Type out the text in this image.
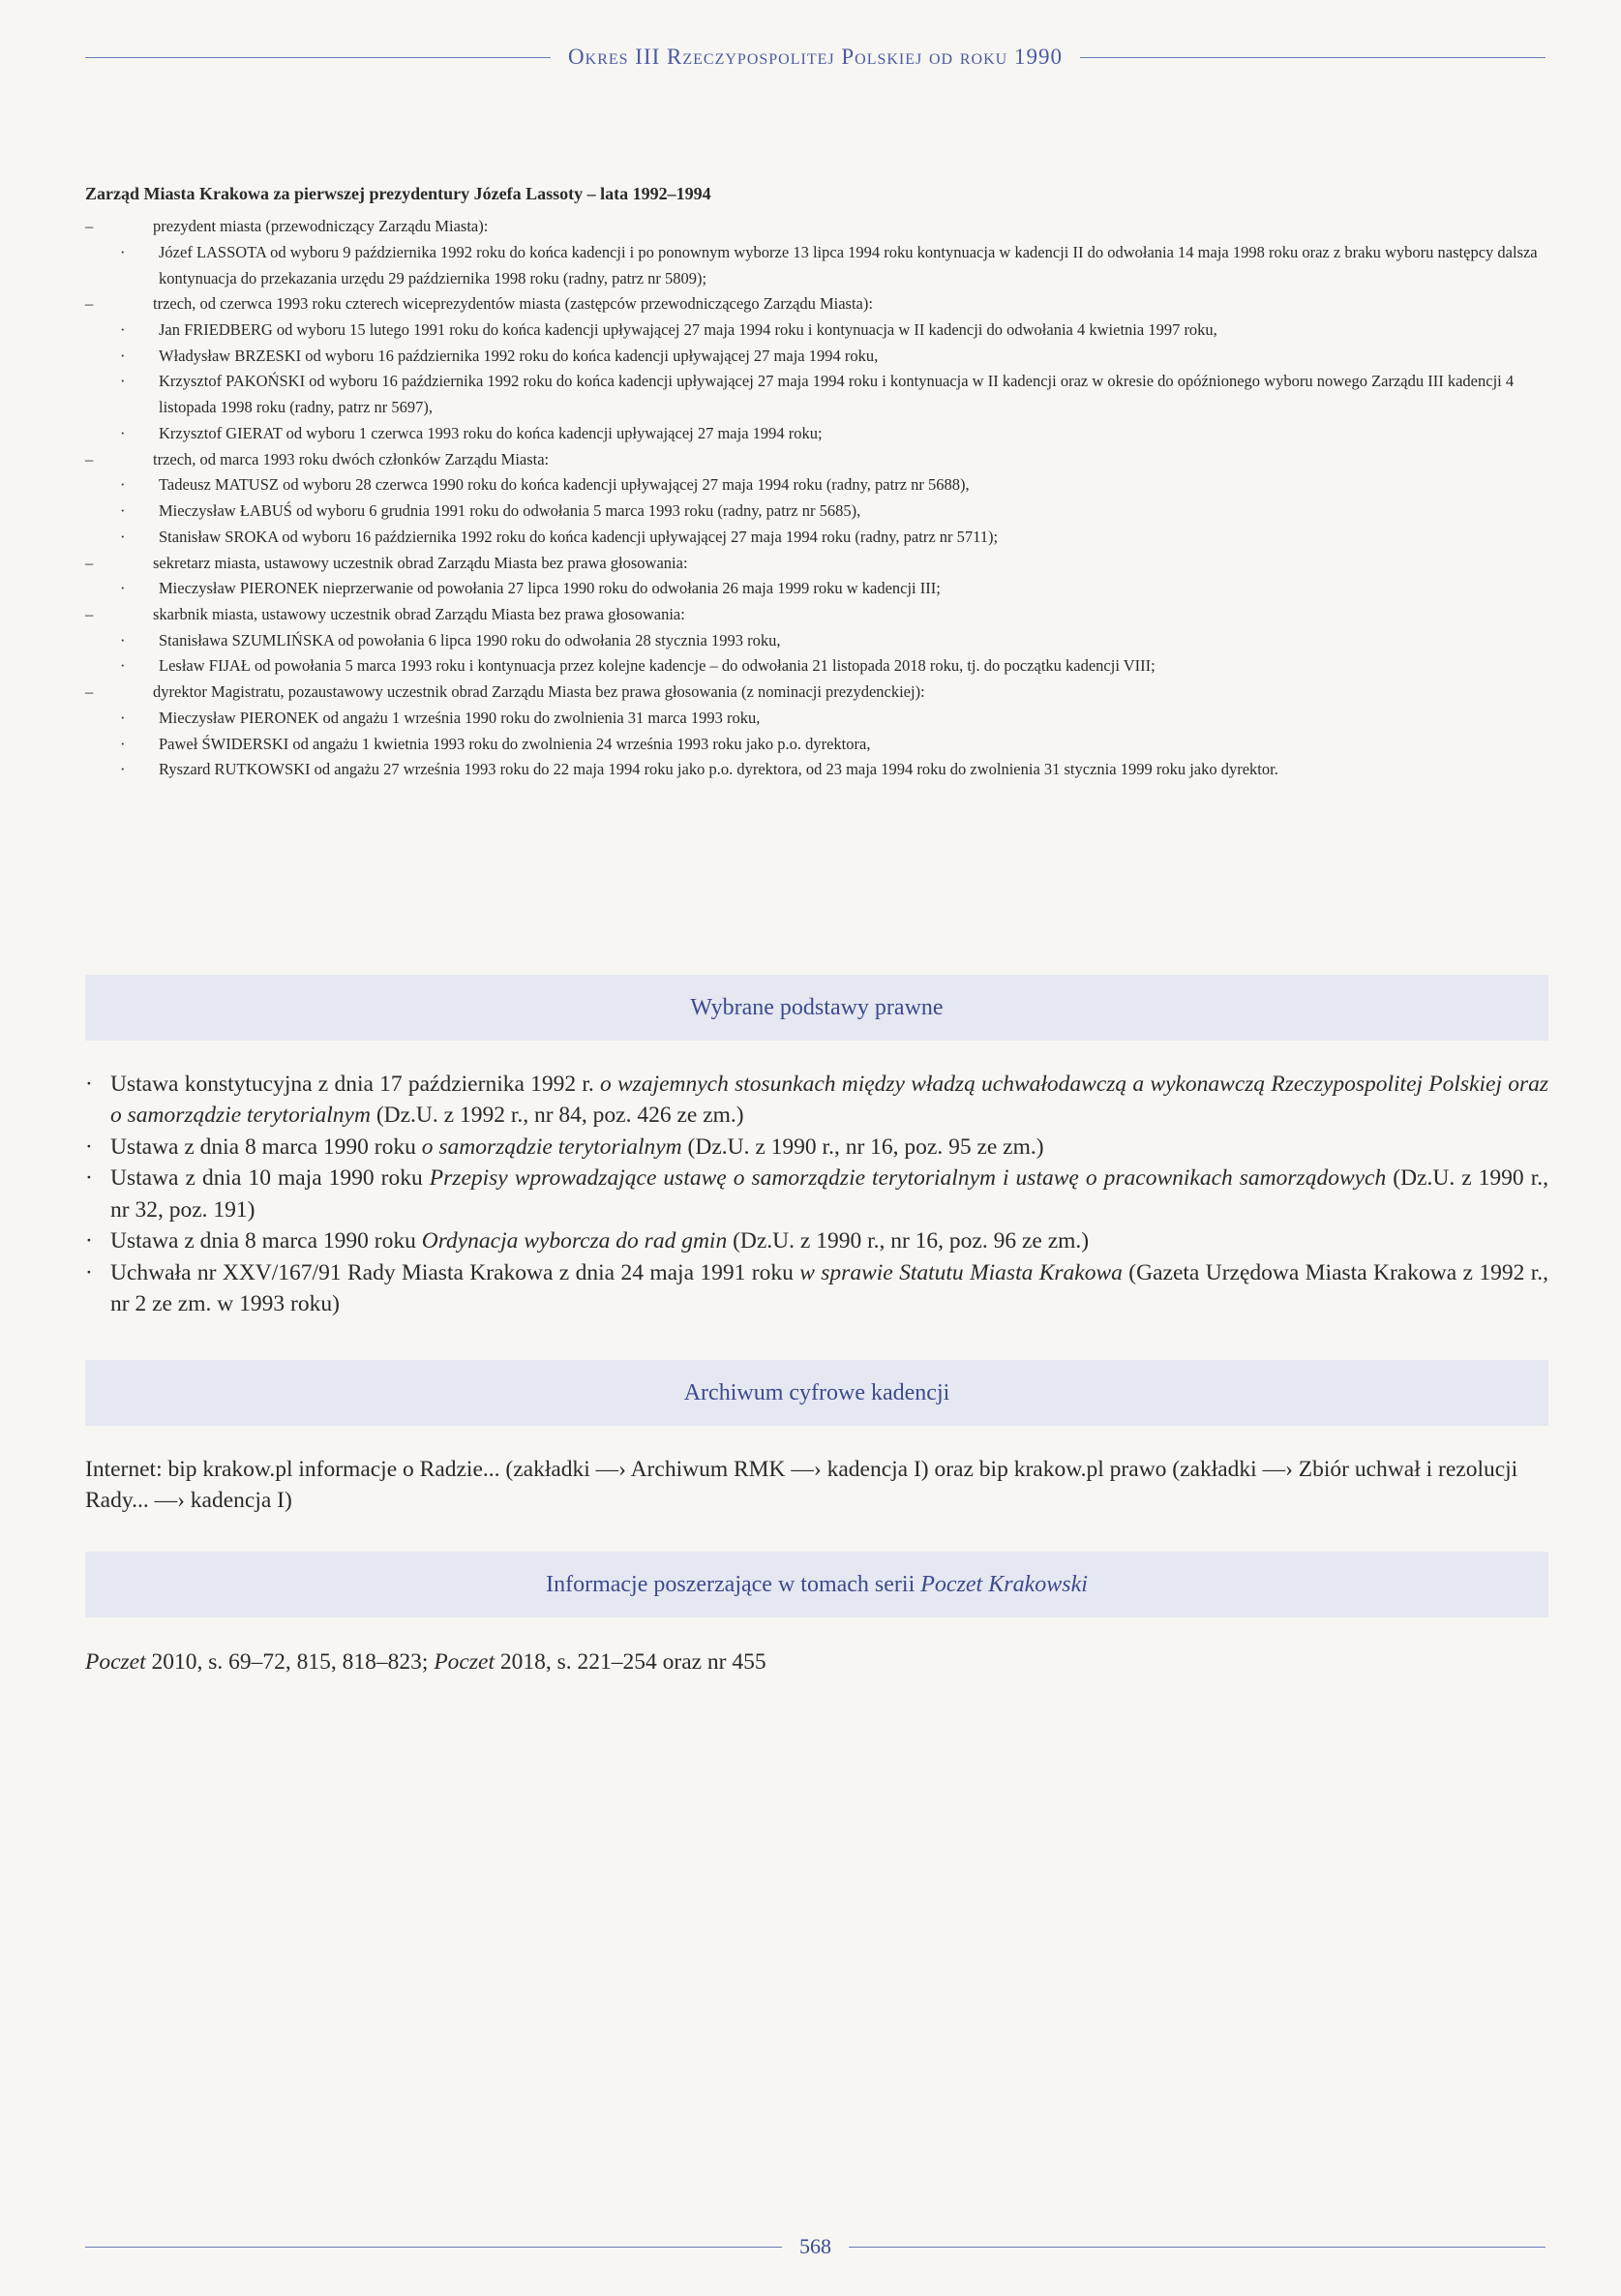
Okres III Rzeczypospolitej Polskiej od roku 1990
Zarząd Miasta Krakowa za pierwszej prezydentury Józefa Lassoty – lata 1992–1994
–	prezydent miasta (przewodniczący Zarządu Miasta):
·	Józef LASSOTA od wyboru 9 października 1992 roku do końca kadencji i po ponownym wyborze 13 lipca 1994 roku kontynuacja w kadencji II do odwołania 14 maja 1998 roku oraz z braku wyboru następcy dalsza kontynuacja do przekazania urzędu 29 października 1998 roku (radny, patrz nr 5809);
–	trzech, od czerwca 1993 roku czterech wiceprezydentów miasta (zastępców przewodniczącego Zarządu Miasta):
·	Jan FRIEDBERG od wyboru 15 lutego 1991 roku do końca kadencji upływającej 27 maja 1994 roku i kontynuacja w II kadencji do odwołania 4 kwietnia 1997 roku,
·	Władysław BRZESKI od wyboru 16 października 1992 roku do końca kadencji upływającej 27 maja 1994 roku,
·	Krzysztof PAKOŃSKI od wyboru 16 października 1992 roku do końca kadencji upływającej 27 maja 1994 roku i kontynuacja w II kadencji oraz w okresie do opóźnionego wyboru nowego Zarządu III kadencji 4 listopada 1998 roku (radny, patrz nr 5697),
·	Krzysztof GIERAT od wyboru 1 czerwca 1993 roku do końca kadencji upływającej 27 maja 1994 roku;
–	trzech, od marca 1993 roku dwóch członków Zarządu Miasta:
·	Tadeusz MATUSZ od wyboru 28 czerwca 1990 roku do końca kadencji upływającej 27 maja 1994 roku (radny, patrz nr 5688),
·	Mieczysław ŁABUŚ od wyboru 6 grudnia 1991 roku do odwołania 5 marca 1993 roku (radny, patrz nr 5685),
·	Stanisław SROKA od wyboru 16 października 1992 roku do końca kadencji upływającej 27 maja 1994 roku (radny, patrz nr 5711);
–	sekretarz miasta, ustawowy uczestnik obrad Zarządu Miasta bez prawa głosowania:
·	Mieczysław PIERONEK nieprzerwanie od powołania 27 lipca 1990 roku do odwołania 26 maja 1999 roku w kadencji III;
–	skarbnik miasta, ustawowy uczestnik obrad Zarządu Miasta bez prawa głosowania:
·	Stanisława SZUMLIŃSKA od powołania 6 lipca 1990 roku do odwołania 28 stycznia 1993 roku,
·	Lesław FIJAŁ od powołania 5 marca 1993 roku i kontynuacja przez kolejne kadencje – do odwołania 21 listopada 2018 roku, tj. do początku kadencji VIII;
–	dyrektor Magistratu, pozaustawowy uczestnik obrad Zarządu Miasta bez prawa głosowania (z nominacji prezydenckiej):
·	Mieczysław PIERONEK od angażu 1 września 1990 roku do zwolnienia 31 marca 1993 roku,
·	Paweł ŚWIDERSKI od angażu 1 kwietnia 1993 roku do zwolnienia 24 września 1993 roku jako p.o. dyrektora,
·	Ryszard RUTKOWSKI od angażu 27 września 1993 roku do 22 maja 1994 roku jako p.o. dyrektora, od 23 maja 1994 roku do zwolnienia 31 stycznia 1999 roku jako dyrektor.
Wybrane podstawy prawne
· Ustawa konstytucyjna z dnia 17 października 1992 r. o wzajemnych stosunkach między władzą uchwałodawczą a wykonawczą Rzeczypospolitej Polskiej oraz o samorządzie terytorialnym (Dz.U. z 1992 r., nr 84, poz. 426 ze zm.)
· Ustawa z dnia 8 marca 1990 roku o samorządzie terytorialnym (Dz.U. z 1990 r., nr 16, poz. 95 ze zm.)
· Ustawa z dnia 10 maja 1990 roku Przepisy wprowadzające ustawę o samorządzie terytorialnym i ustawę o pracownikach samorządowych (Dz.U. z 1990 r., nr 32, poz. 191)
· Ustawa z dnia 8 marca 1990 roku Ordynacja wyborcza do rad gmin (Dz.U. z 1990 r., nr 16, poz. 96 ze zm.)
· Uchwała nr XXV/167/91 Rady Miasta Krakowa z dnia 24 maja 1991 roku w sprawie Statutu Miasta Krakowa (Gazeta Urzędowa Miasta Krakowa z 1992 r., nr 2 ze zm. w 1993 roku)
Archiwum cyfrowe kadencji
Internet: bip krakow.pl informacje o Radzie... (zakładki —› Archiwum RMK —› kadencja I) oraz bip krakow.pl prawo (zakładki —› Zbiór uchwał i rezolucji Rady... —› kadencja I)
Informacje poszerzające w tomach serii Poczet Krakowski
Poczet 2010, s. 69–72, 815, 818–823; Poczet 2018, s. 221–254 oraz nr 455
568
